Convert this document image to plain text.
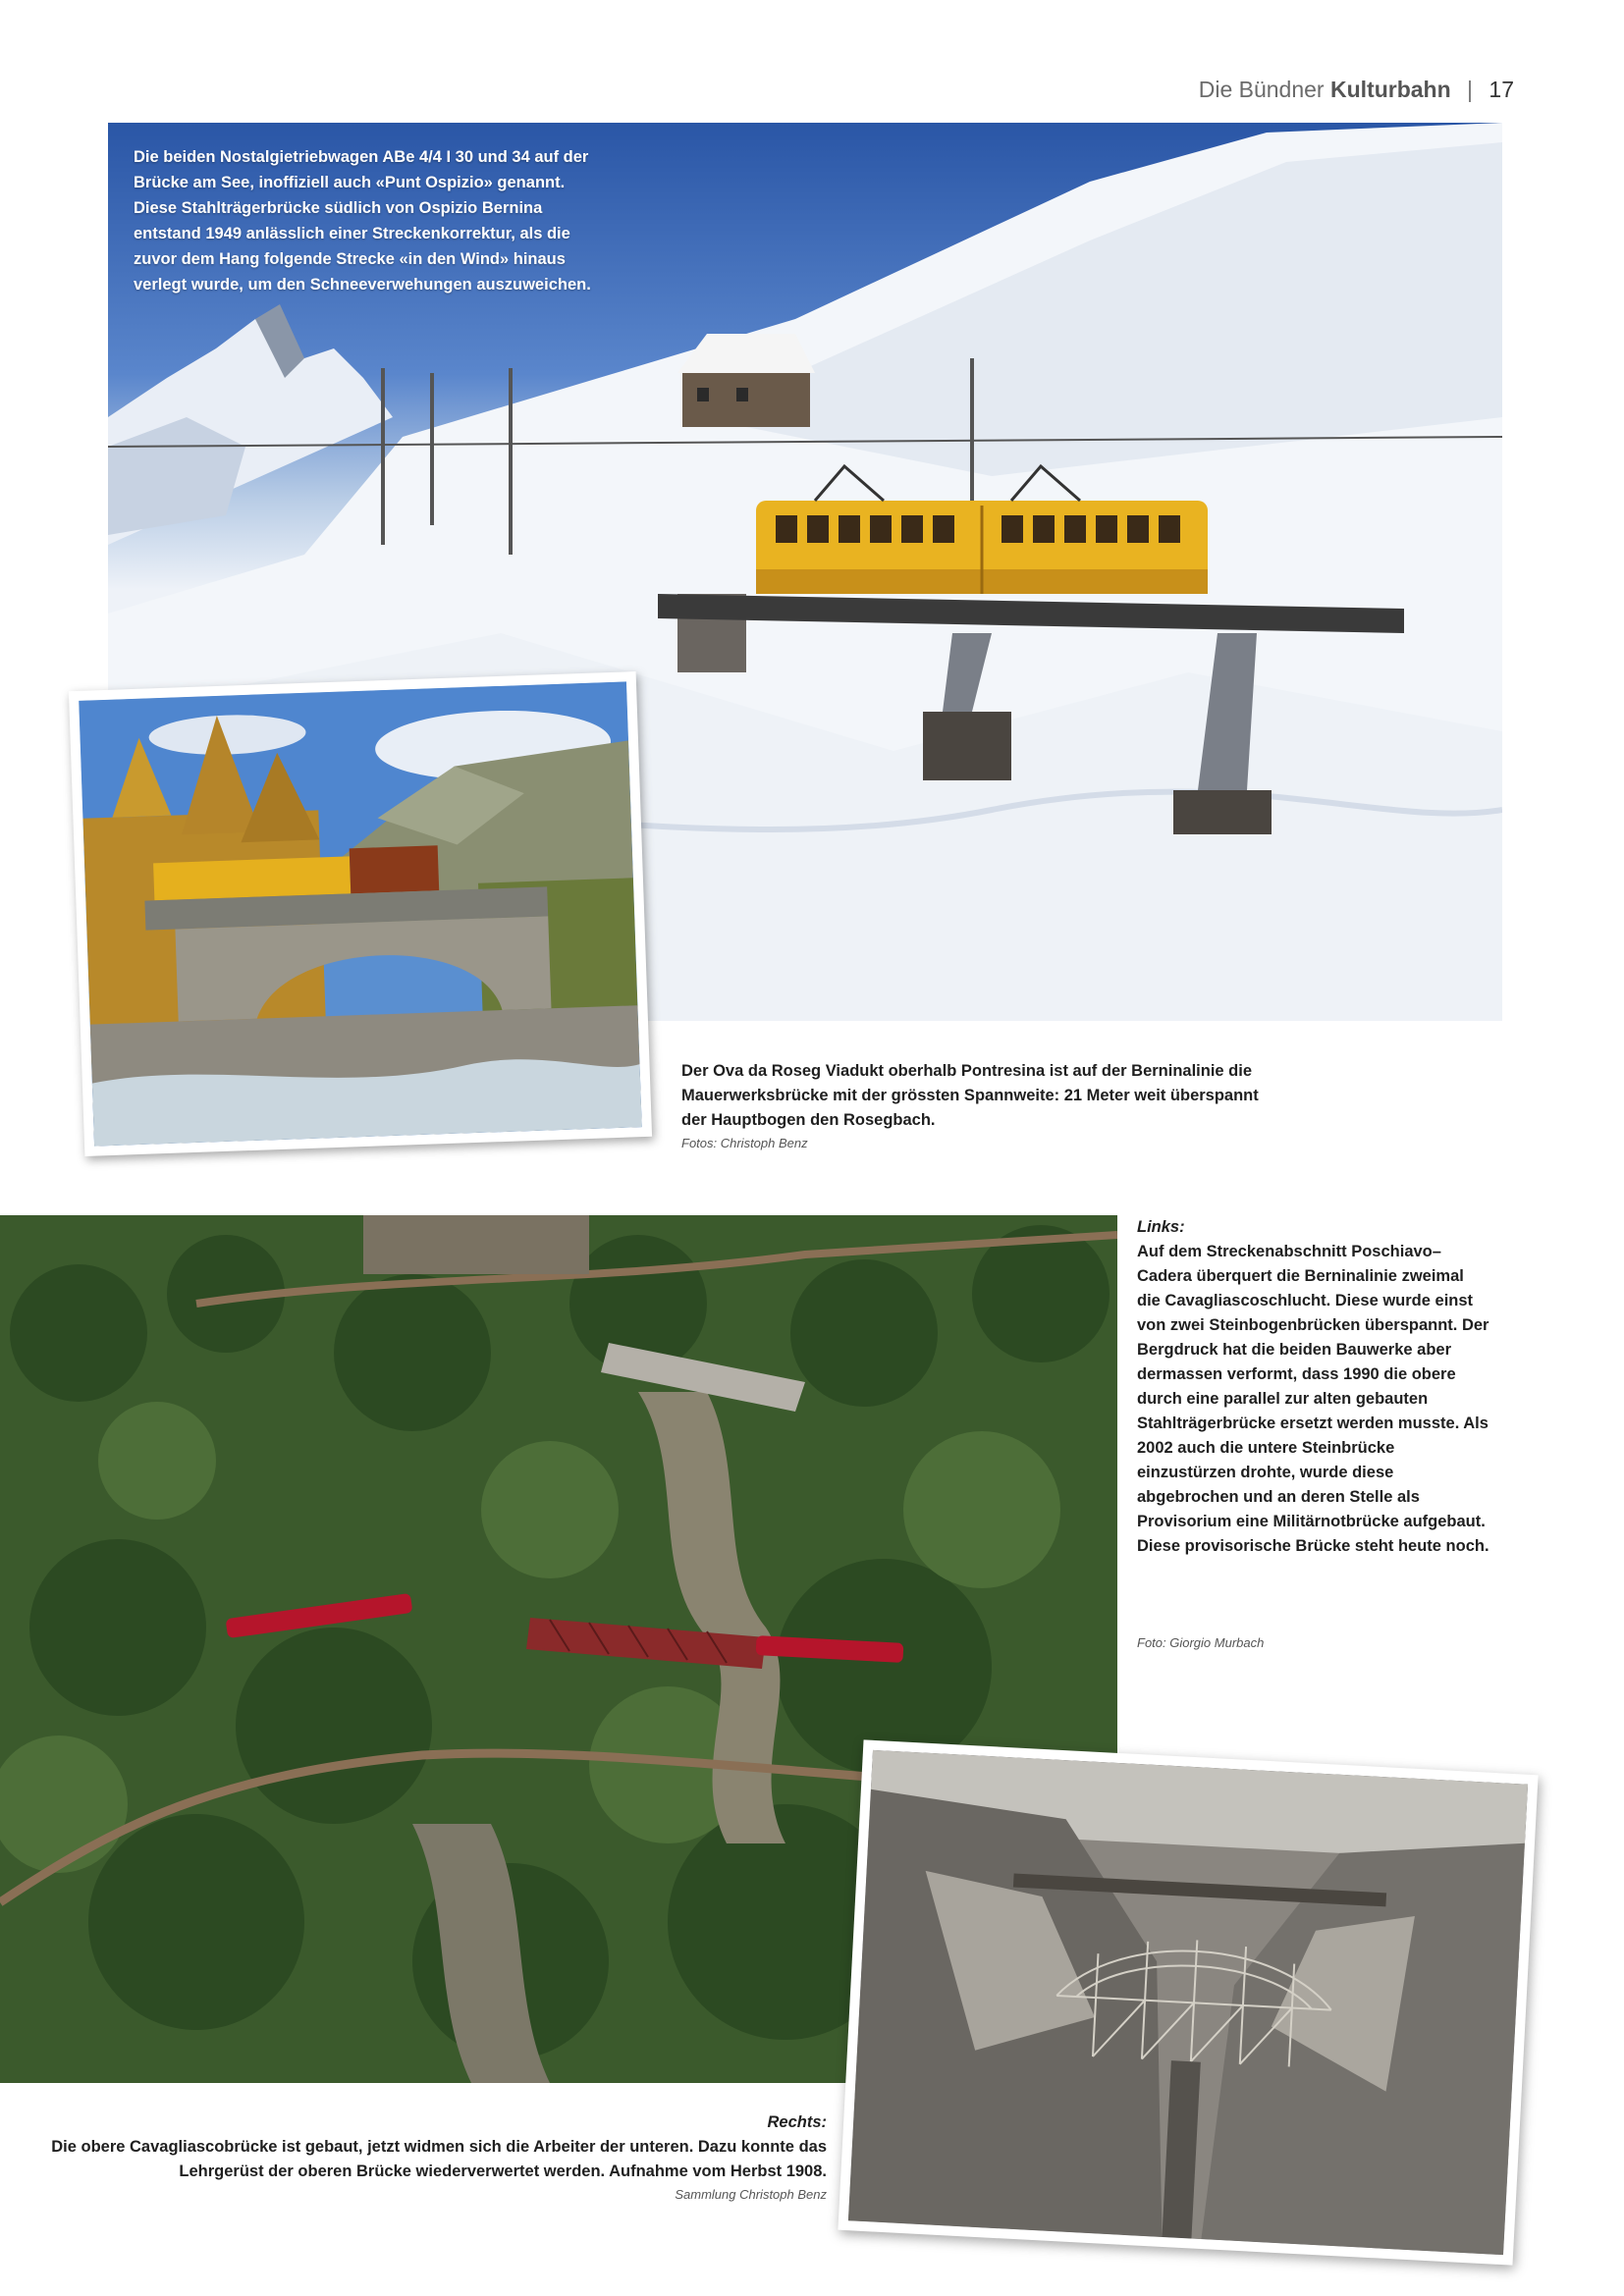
Die Bündner Kulturbahn | 17
Die beiden Nostalgietriebwagen ABe 4/4 I 30 und 34 auf der Brücke am See, inoffiziell auch «Punt Ospizio» genannt. Diese Stahlträgerbrücke südlich von Ospizio Bernina entstand 1949 anlässlich einer Streckenkorrektur, als die zuvor dem Hang folgende Strecke «in den Wind» hinaus verlegt wurde, um den Schneeverwehungen auszuweichen.
Der Ova da Roseg Viadukt oberhalb Pontresina ist auf der Berninalinie die Mauerwerksbrücke mit der grössten Spannweite: 21 Meter weit überspannt der Hauptbogen den Rosegbach.
Fotos: Christoph Benz
Links:
Auf dem Streckenabschnitt Poschiavo–Cadera überquert die Berninalinie zweimal die Cavagliascoschlucht. Diese wurde einst von zwei Steinbogenbrücken überspannt. Der Bergdruck hat die beiden Bauwerke aber dermassen verformt, dass 1990 die obere durch eine parallel zur alten gebauten Stahlträgerbrücke ersetzt werden musste. Als 2002 auch die untere Steinbrücke einzustürzen drohte, wurde diese abgebrochen und an deren Stelle als Provisorium eine Militärnotbrücke aufgebaut. Diese provisorische Brücke steht heute noch.
Foto: Giorgio Murbach
Rechts:
Die obere Cavagliascobrücke ist gebaut, jetzt widmen sich die Arbeiter der unteren. Dazu konnte das Lehrgerüst der oberen Brücke wiederverwertet werden. Aufnahme vom Herbst 1908.
Sammlung Christoph Benz
